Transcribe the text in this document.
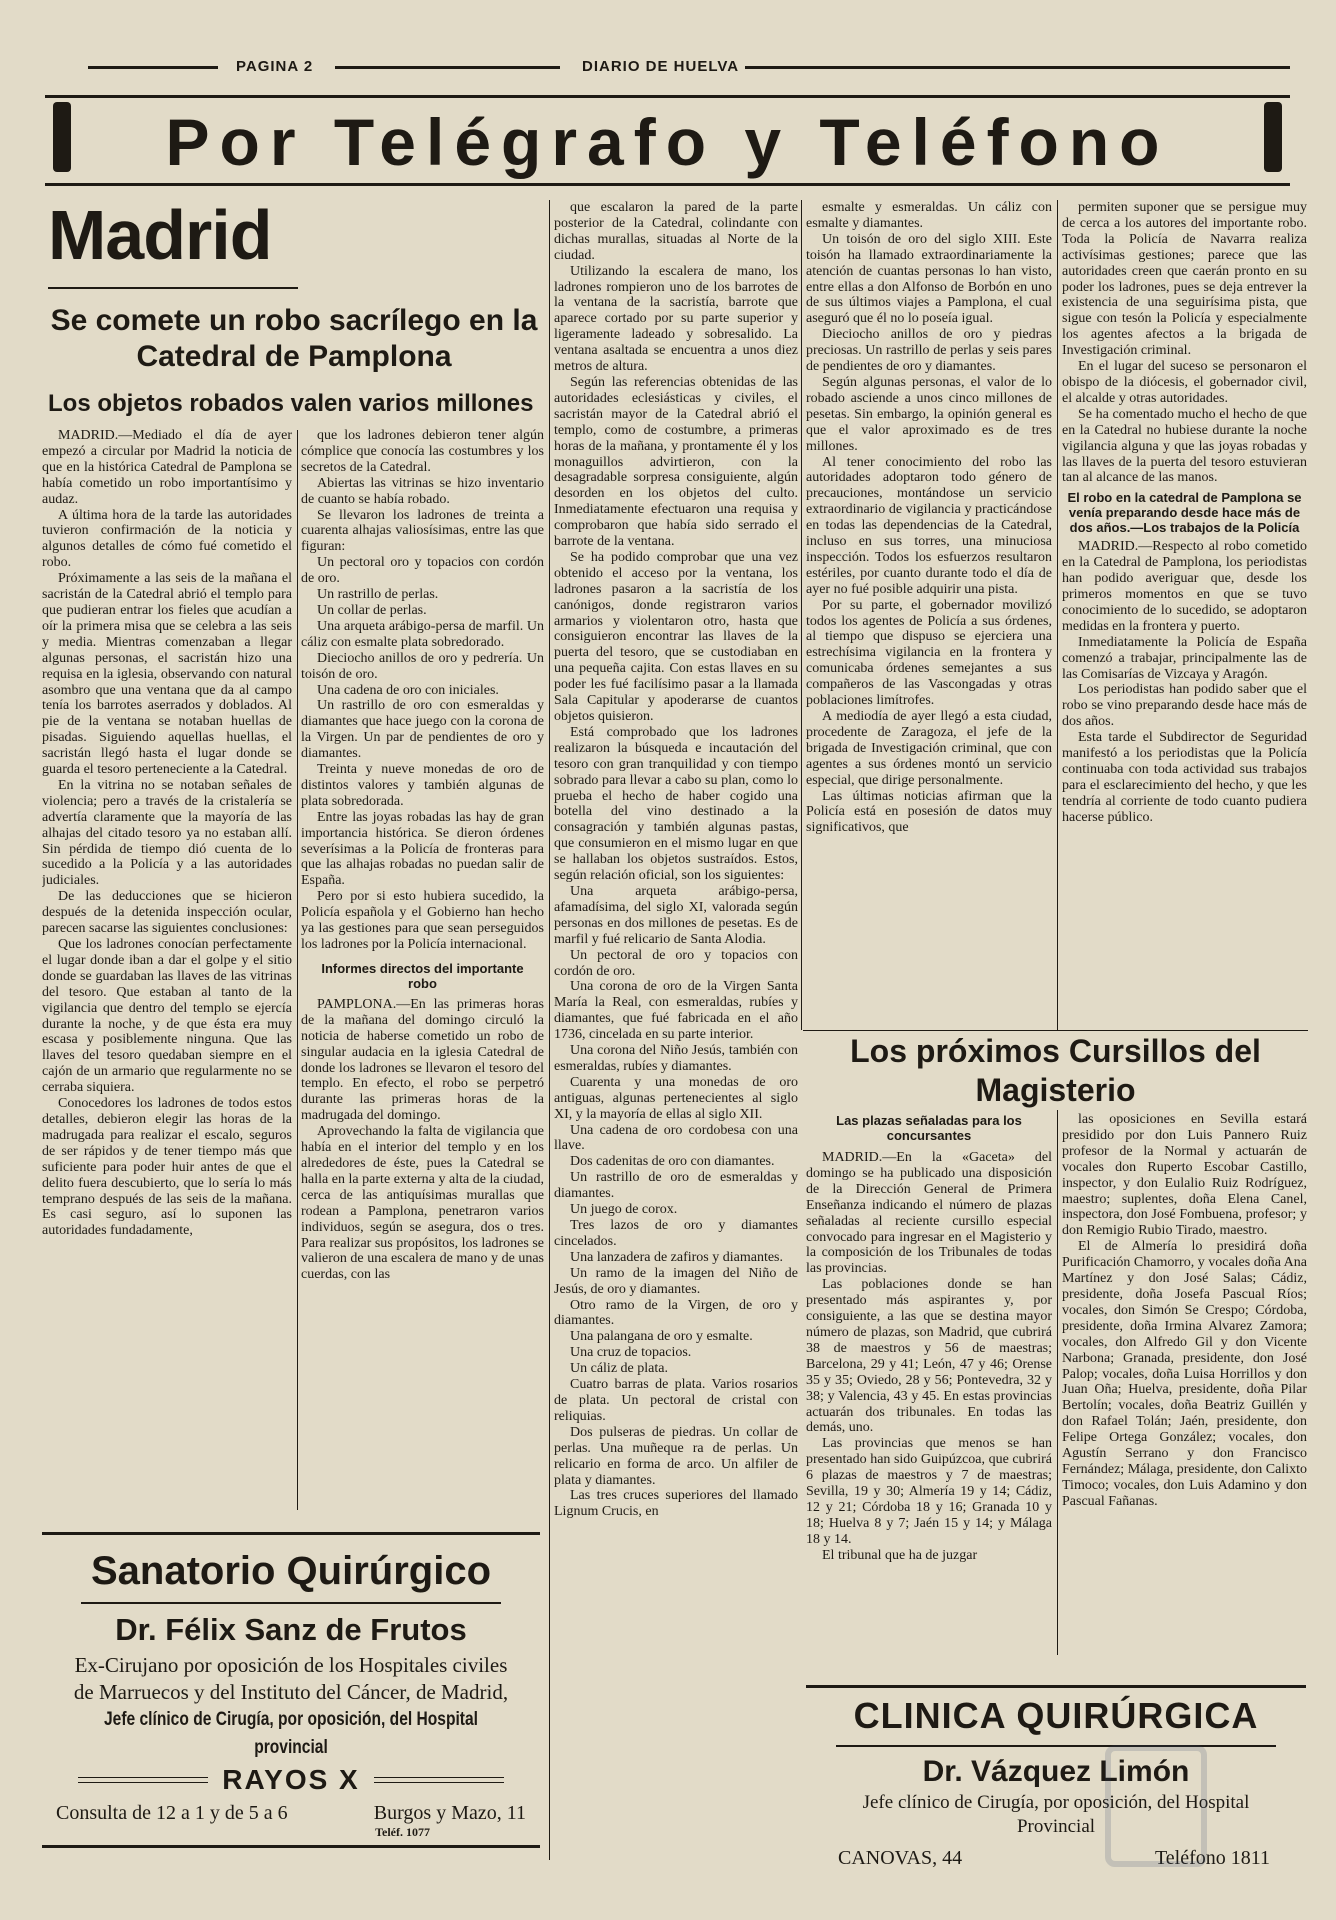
PAGINA 2	DIARIO DE HUELVA
Por Telégrafo y Teléfono
Madrid
Se comete un robo sacrílego en la Catedral de Pamplona
Los objetos robados valen varios millones

MADRID.—Mediado el día de ayer empezó a circular por Madrid la noticia de que en la histórica Catedral de Pamplona se había cometido un robo importantísimo y audaz.

A última hora de la tarde las autoridades tuvieron confirmación de la noticia y algunos detalles de cómo fué cometido el robo.

Próximamente a las seis de la mañana el sacristán de la Catedral abrió el templo para que pudieran entrar los fieles que acudían a oír la primera misa que se celebra a las seis y media. Mientras comenzaban a llegar algunas personas, el sacristán hizo una requisa en la iglesia, observando con natural asombro que una ventana que da al campo tenía los barrotes aserrados y doblados. Al pie de la ventana se notaban huellas de pisadas. Siguiendo aquellas huellas, el sacristán llegó hasta el lugar donde se guarda el tesoro perteneciente a la Catedral.

En la vitrina no se notaban señales de violencia; pero a través de la cristalería se advertía claramente que la mayoría de las alhajas del citado tesoro ya no estaban allí. Sin pérdida de tiempo dió cuenta de lo sucedido a la Policía y a las autoridades judiciales.

De las deducciones que se hicieron después de la detenida inspección ocular, parecen sacarse las siguientes conclusiones:

Que los ladrones conocían perfectamente el lugar donde iban a dar el golpe y el sitio donde se guardaban las llaves de las vitrinas del tesoro. Que estaban al tanto de la vigilancia que dentro del templo se ejercía durante la noche, y de que ésta era muy escasa y posiblemente ninguna. Que las llaves del tesoro quedaban siempre en el cajón de un armario que regularmente no se cerraba siquiera.

Conocedores los ladrones de todos estos detalles, debieron elegir las horas de la madrugada para realizar el escalo, seguros de ser rápidos y de tener tiempo más que suficiente para poder huir antes de que el delito fuera descubierto, que lo sería lo más temprano después de las seis de la mañana. Es casi seguro, así lo suponen las autoridades fundadamente,

que los ladrones debieron tener algún cómplice que conocía las costumbres y los secretos de la Catedral.

Abiertas las vitrinas se hizo inventario de cuanto se había robado.

Se llevaron los ladrones de treinta a cuarenta alhajas valiosísimas, entre las que figuran:

Un pectoral oro y topacios con cordón de oro.

Un rastrillo de perlas.

Un collar de perlas.

Una arqueta arábigo-persa de marfil. Un cáliz con esmalte plata sobredorado.

Dieciocho anillos de oro y pedrería. Un toisón de oro.

Una cadena de oro con iniciales.

Un rastrillo de oro con esmeraldas y diamantes que hace juego con la corona de la Virgen. Un par de pendientes de oro y diamantes.

Treinta y nueve monedas de oro de distintos valores y también algunas de plata sobredorada.

Entre las joyas robadas las hay de gran importancia histórica. Se dieron órdenes severísimas a la Policía de fronteras para que las alhajas robadas no puedan salir de España.

Pero por si esto hubiera sucedido, la Policía española y el Gobierno han hecho ya las gestiones para que sean perseguidos los ladrones por la Policía internacional.

Informes directos del importante robo

PAMPLONA.—En las primeras horas de la mañana del domingo circuló la noticia de haberse cometido un robo de singular audacia en la iglesia Catedral de donde los ladrones se llevaron el tesoro del templo. En efecto, el robo se perpetró durante las primeras horas de la madrugada del domingo.

Aprovechando la falta de vigilancia que había en el interior del templo y en los alrededores de éste, pues la Catedral se halla en la parte externa y alta de la ciudad, cerca de las antiquísimas murallas que rodean a Pamplona, penetraron varios individuos, según se asegura, dos o tres. Para realizar sus propósitos, los ladrones se valieron de una escalera de mano y de unas cuerdas, con las

que escalaron la pared de la parte posterior de la Catedral, colindante con dichas murallas, situadas al Norte de la ciudad.

Utilizando la escalera de mano, los ladrones rompieron uno de los barrotes de la ventana de la sacristía, barrote que aparece cortado por su parte superior y ligeramente ladeado y sobresalido. La ventana asaltada se encuentra a unos diez metros de altura.

Según las referencias obtenidas de las autoridades eclesiásticas y civiles, el sacristán mayor de la Catedral abrió el templo, como de costumbre, a primeras horas de la mañana, y prontamente él y los monaguillos advirtieron, con la desagradable sorpresa consiguiente, algún desorden en los objetos del culto. Inmediatamente efectuaron una requisa y comprobaron que había sido serrado el barrote de la ventana.

Se ha podido comprobar que una vez obtenido el acceso por la ventana, los ladrones pasaron a la sacristía de los canónigos, donde registraron varios armarios y violentaron otro, hasta que consiguieron encontrar las llaves de la puerta del tesoro, que se custodiaban en una pequeña cajita. Con estas llaves en su poder les fué facilísimo pasar a la llamada Sala Capitular y apoderarse de cuantos objetos quisieron.

Está comprobado que los ladrones realizaron la búsqueda e incautación del tesoro con gran tranquilidad y con tiempo sobrado para llevar a cabo su plan, como lo prueba el hecho de haber cogido una botella del vino destinado a la consagración y también algunas pastas, que consumieron en el mismo lugar en que se hallaban los objetos sustraídos. Estos, según relación oficial, son los siguientes:

Una arqueta arábigo-persa, afamadísima, del siglo XI, valorada según personas en dos millones de pesetas. Es de marfil y fué relicario de Santa Alodia.

Un pectoral de oro y topacios con cordón de oro.

Una corona de oro de la Virgen Santa María la Real, con esmeraldas, rubíes y diamantes, que fué fabricada en el año 1736, cincelada en su parte interior.

Una corona del Niño Jesús, también con esmeraldas, rubíes y diamantes.

Cuarenta y una monedas de oro antiguas, algunas pertenecientes al siglo XI, y la mayoría de ellas al siglo XII.

Una cadena de oro cordobesa con una llave.

Dos cadenitas de oro con diamantes.

Un rastrillo de oro de esmeraldas y diamantes.

Un juego de corox.

Tres lazos de oro y diamantes cincelados.

Una lanzadera de zafiros y diamantes.

Un ramo de la imagen del Niño de Jesús, de oro y diamantes.

Otro ramo de la Virgen, de oro y diamantes.

Una palangana de oro y esmalte.

Una cruz de topacios.

Un cáliz de plata.

Cuatro barras de plata. Varios rosarios de plata. Un pectoral de cristal con reliquias.

Dos pulseras de piedras. Un collar de perlas. Una muñeque ra de perlas. Un relicario en forma de arco. Un alfiler de plata y diamantes.

Las tres cruces superiores del llamado Lignum Crucis, en

esmalte y esmeraldas. Un cáliz con esmalte y diamantes.

Un toisón de oro del siglo XIII. Este toisón ha llamado extraordinariamente la atención de cuantas personas lo han visto, entre ellas a don Alfonso de Borbón en uno de sus últimos viajes a Pamplona, el cual aseguró que él no lo poseía igual.

Dieciocho anillos de oro y piedras preciosas. Un rastrillo de perlas y seis pares de pendientes de oro y diamantes.

Según algunas personas, el valor de lo robado asciende a unos cinco millones de pesetas. Sin embargo, la opinión general es que el valor aproximado es de tres millones.

Al tener conocimiento del robo las autoridades adoptaron todo género de precauciones, montándose un servicio extraordinario de vigilancia y practicándose en todas las dependencias de la Catedral, incluso en sus torres, una minuciosa inspección. Todos los esfuerzos resultaron estériles, por cuanto durante todo el día de ayer no fué posible adquirir una pista.

Por su parte, el gobernador movilizó todos los agentes de Policía a sus órdenes, al tiempo que dispuso se ejerciera una estrechísima vigilancia en la frontera y comunicaba órdenes semejantes a sus compañeros de las Vascongadas y otras poblaciones limítrofes.

A mediodía de ayer llegó a esta ciudad, procedente de Zaragoza, el jefe de la brigada de Investigación criminal, que con agentes a sus órdenes montó un servicio especial, que dirige personalmente.

Las últimas noticias afirman que la Policía está en posesión de datos muy significativos, que

permiten suponer que se persigue muy de cerca a los autores del importante robo. Toda la Policía de Navarra realiza activísimas gestiones; parece que las autoridades creen que caerán pronto en su poder los ladrones, pues se deja entrever la existencia de una seguirísima pista, que sigue con tesón la Policía y especialmente los agentes afectos a la brigada de Investigación criminal.

En el lugar del suceso se personaron el obispo de la diócesis, el gobernador civil, el alcalde y otras autoridades.

Se ha comentado mucho el hecho de que en la Catedral no hubiese durante la noche vigilancia alguna y que las joyas robadas y las llaves de la puerta del tesoro estuvieran tan al alcance de las manos.

El robo en la catedral de Pamplona se venía preparando desde hace más de dos años.—Los trabajos de la Policía

MADRID.—Respecto al robo cometido en la Catedral de Pamplona, los periodistas han podido averiguar que, desde los primeros momentos en que se tuvo conocimiento de lo sucedido, se adoptaron medidas en la frontera y puerto.

Inmediatamente la Policía de España comenzó a trabajar, principalmente las de las Comisarías de Vizcaya y Aragón.

Los periodistas han podido saber que el robo se vino preparando desde hace más de dos años.

Esta tarde el Subdirector de Seguridad manifestó a los periodistas que la Policía continuaba con toda actividad sus trabajos para el esclarecimiento del hecho, y que les tendría al corriente de todo cuanto pudiera hacerse público.

Los próximos Cursillos del Magisterio
Las plazas señaladas para los concursantes

MADRID.—En la «Gaceta» del domingo se ha publicado una disposición de la Dirección General de Primera Enseñanza indicando el número de plazas señaladas al reciente cursillo especial convocado para ingresar en el Magisterio y la composición de los Tribunales de todas las provincias.

Las poblaciones donde se han presentado más aspirantes y, por consiguiente, a las que se destina mayor número de plazas, son Madrid, que cubrirá 38 de maestros y 56 de maestras; Barcelona, 29 y 41; León, 47 y 46; Orense 35 y 35; Oviedo, 28 y 56; Pontevedra, 32 y 38; y Valencia, 43 y 45. En estas provincias actuarán dos tribunales. En todas las demás, uno.

Las provincias que menos se han presentado han sido Guipúzcoa, que cubrirá 6 plazas de maestros y 7 de maestras; Sevilla, 19 y 30; Almería 19 y 14; Cádiz, 12 y 21; Córdoba 18 y 16; Granada 10 y 18; Huelva 8 y 7; Jaén 15 y 14; y Málaga 18 y 14.

El tribunal que ha de juzgar

las oposiciones en Sevilla estará presidido por don Luis Pannero Ruiz profesor de la Normal y actuarán de vocales don Ruperto Escobar Castillo, inspector, y don Eulalio Ruiz Rodríguez, maestro; suplentes, doña Elena Canel, inspectora, don José Fombuena, profesor; y don Remigio Rubio Tirado, maestro.

El de Almería lo presidirá doña Purificación Chamorro, y vocales doña Ana Martínez y don José Salas; Cádiz, presidente, doña Josefa Pascual Ríos; vocales, don Simón Se Crespo; Córdoba, presidente, doña Irmina Alvarez Zamora; vocales, don Alfredo Gil y don Vicente Narbona; Granada, presidente, don José Palop; vocales, doña Luisa Horrillos y don Juan Oña; Huelva, presidente, doña Pilar Bertolín; vocales, doña Beatriz Guillén y don Rafael Tolán; Jaén, presidente, don Felipe Ortega González; vocales, don Agustín Serrano y don Francisco Fernández; Málaga, presidente, don Calixto Timoco; vocales, don Luis Adamino y don Pascual Fañanas.

Sanatorio Quirúrgico
Dr. Félix Sanz de Frutos
Ex-Cirujano por oposición de los Hospitales civiles
de Marruecos y del Instituto del Cáncer, de Madrid,
Jefe clínico de Cirugía, por oposición, del Hospital provincial
RAYOS X
Consulta de 12 a 1 y de 5 a 6	Burgos y Mazo, 11
Teléf. 1077
CLINICA QUIRÚRGICA
Dr. Vázquez Limón
Jefe clínico de Cirugía, por oposición, del Hospital
Provincial
CANOVAS, 44	Teléfono 1811
